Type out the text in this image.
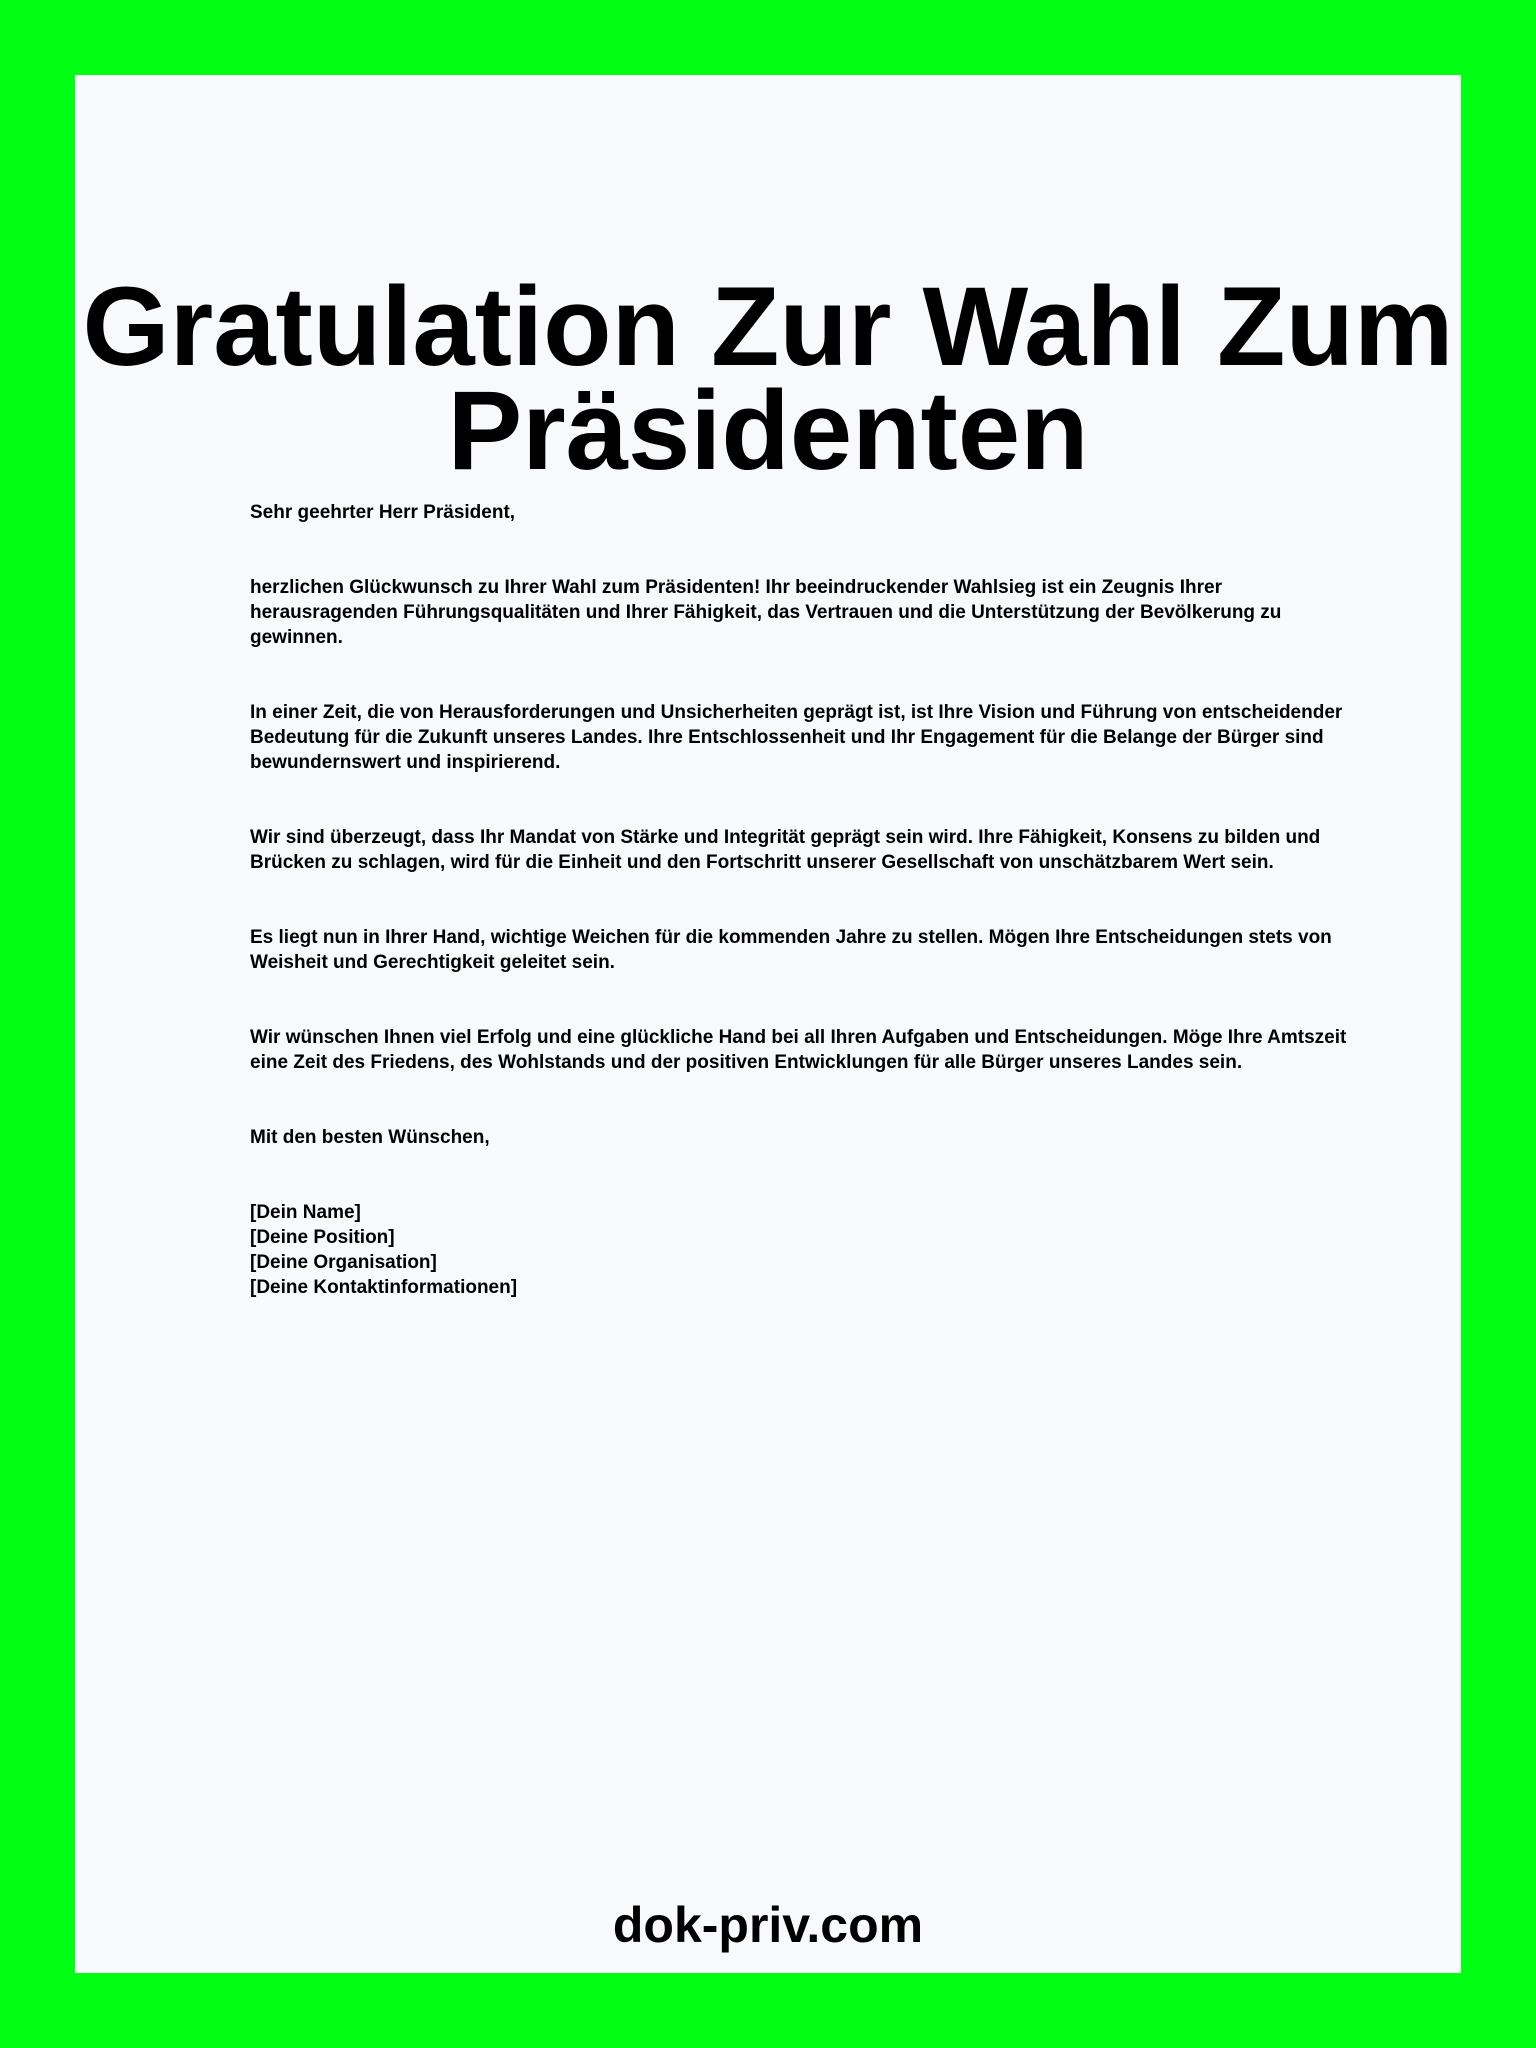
Gratulation Zur Wahl Zum Präsidenten

Sehr geehrter Herr Präsident,

herzlichen Glückwunsch zu Ihrer Wahl zum Präsidenten! Ihr beeindruckender Wahlsieg ist ein Zeugnis Ihrer herausragenden Führungsqualitäten und Ihrer Fähigkeit, das Vertrauen und die Unterstützung der Bevölkerung zu gewinnen.

In einer Zeit, die von Herausforderungen und Unsicherheiten geprägt ist, ist Ihre Vision und Führung von entscheidender Bedeutung für die Zukunft unseres Landes. Ihre Entschlossenheit und Ihr Engagement für die Belange der Bürger sind bewundernswert und inspirierend.

Wir sind überzeugt, dass Ihr Mandat von Stärke und Integrität geprägt sein wird. Ihre Fähigkeit, Konsens zu bilden und Brücken zu schlagen, wird für die Einheit und den Fortschritt unserer Gesellschaft von unschätzbarem Wert sein.

Es liegt nun in Ihrer Hand, wichtige Weichen für die kommenden Jahre zu stellen. Mögen Ihre Entscheidungen stets von Weisheit und Gerechtigkeit geleitet sein.

Wir wünschen Ihnen viel Erfolg und eine glückliche Hand bei all Ihren Aufgaben und Entscheidungen. Möge Ihre Amtszeit eine Zeit des Friedens, des Wohlstands und der positiven Entwicklungen für alle Bürger unseres Landes sein.

Mit den besten Wünschen,

[Dein Name]
[Deine Position]
[Deine Organisation]
[Deine Kontaktinformationen]

dok-priv.com
